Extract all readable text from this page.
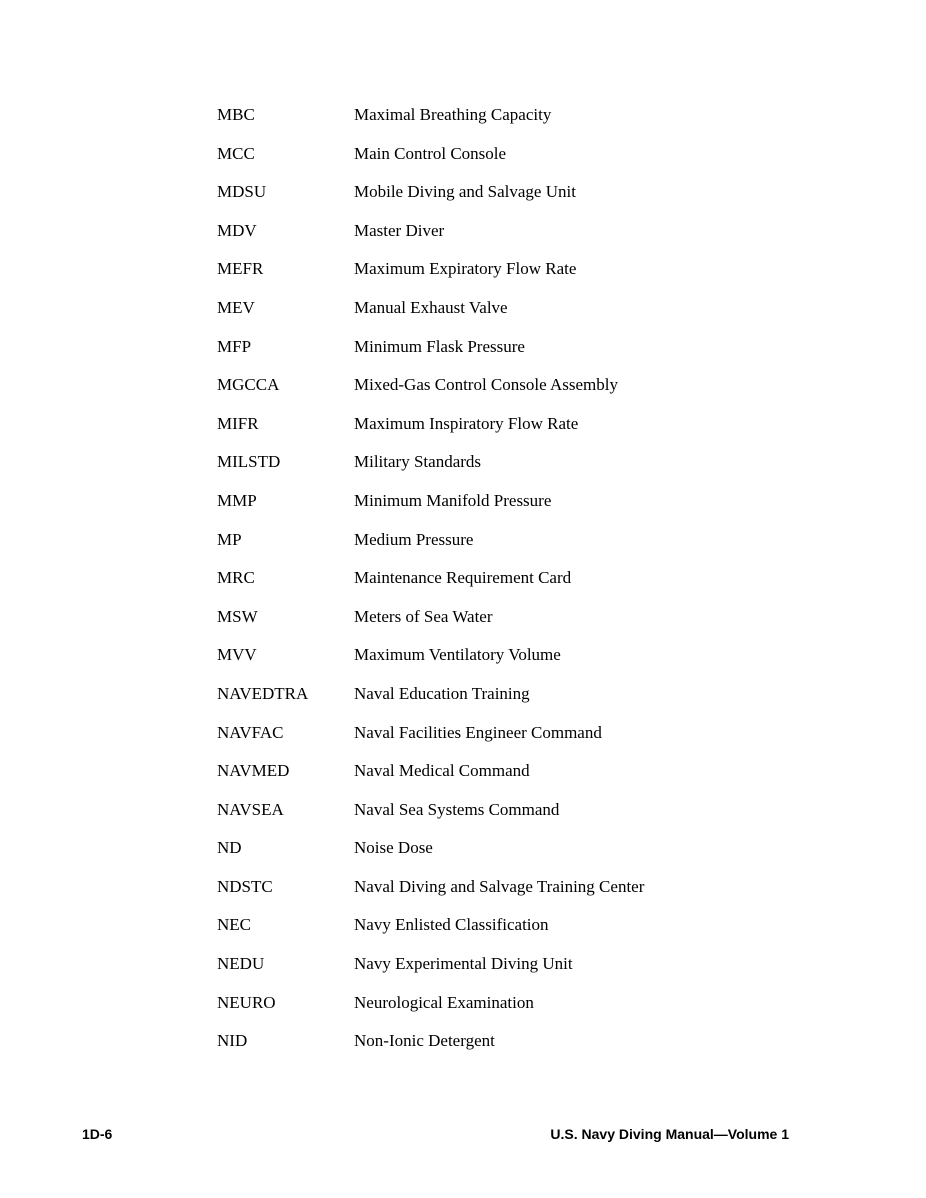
MBC	Maximal Breathing Capacity
MCC	Main Control Console
MDSU	Mobile Diving and Salvage Unit
MDV	Master Diver
MEFR	Maximum Expiratory Flow Rate
MEV	Manual Exhaust Valve
MFP	Minimum Flask Pressure
MGCCA	Mixed-Gas Control Console Assembly
MIFR	Maximum Inspiratory Flow Rate
MILSTD	Military Standards
MMP	Minimum Manifold Pressure
MP	Medium Pressure
MRC	Maintenance Requirement Card
MSW	Meters of Sea Water
MVV	Maximum Ventilatory Volume
NAVEDTRA	Naval Education Training
NAVFAC	Naval Facilities Engineer Command
NAVMED	Naval Medical Command
NAVSEA	Naval Sea Systems Command
ND	Noise Dose
NDSTC	Naval Diving and Salvage Training Center
NEC	Navy Enlisted Classification
NEDU	Navy Experimental Diving Unit
NEURO	Neurological Examination
NID	Non-Ionic Detergent
1D-6	U.S. Navy Diving Manual—Volume 1
